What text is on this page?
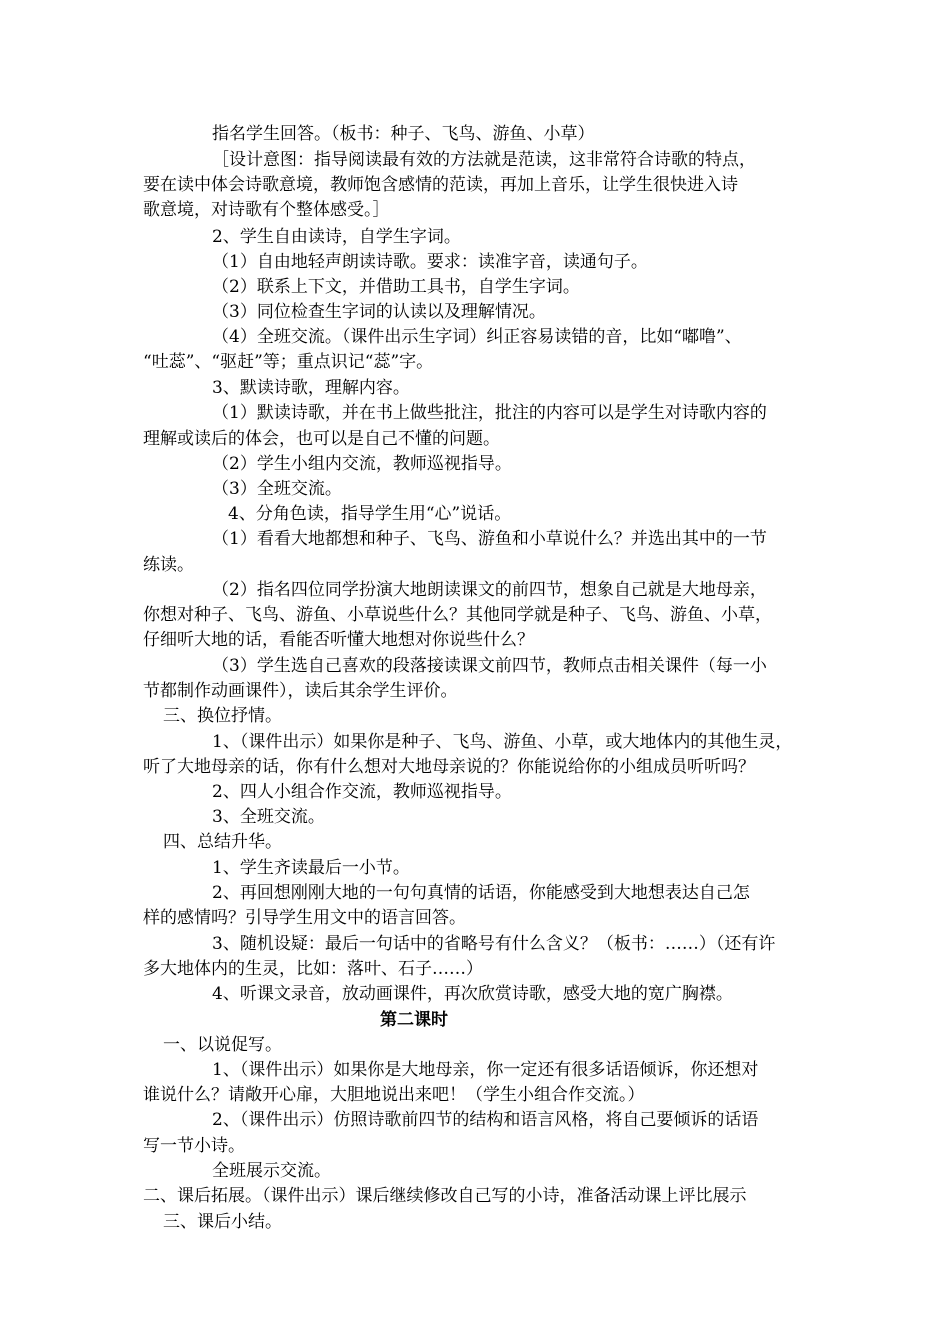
指名学生回答。（板书：种子、飞鸟、游鱼、小草）

［设计意图：指导阅读最有效的方法就是范读，这非常符合诗歌的特点，

要在读中体会诗歌意境，教师饱含感情的范读，再加上音乐，让学生很快进入诗

歌意境，对诗歌有个整体感受。］

2、学生自由读诗，自学生字词。

（1）自由地轻声朗读诗歌。要求：读准字音，读通句子。

（2）联系上下文，并借助工具书，自学生字词。

（3）同位检查生字词的认读以及理解情况。

（4）全班交流。（课件出示生字词）纠正容易读错的音，比如“嘟噜”、

“吐蕊”、“驱赶”等；重点识记“蕊”字。

3、默读诗歌，理解内容。

（1）默读诗歌，并在书上做些批注，批注的内容可以是学生对诗歌内容的

理解或读后的体会，也可以是自己不懂的问题。

（2）学生小组内交流，教师巡视指导。

（3）全班交流。

4、分角色读，指导学生用“心”说话。

（1）看看大地都想和种子、飞鸟、游鱼和小草说什么？并选出其中的一节

练读。

（2）指名四位同学扮演大地朗读课文的前四节，想象自己就是大地母亲，

你想对种子、飞鸟、游鱼、小草说些什么？其他同学就是种子、飞鸟、游鱼、小草，

仔细听大地的话，看能否听懂大地想对你说些什么？

（3）学生选自己喜欢的段落接读课文前四节，教师点击相关课件（每一小

节都制作动画课件），读后其余学生评价。

三、换位抒情。

1、（课件出示）如果你是种子、飞鸟、游鱼、小草，或大地体内的其他生灵，

听了大地母亲的话，你有什么想对大地母亲说的？你能说给你的小组成员听听吗？

2、四人小组合作交流，教师巡视指导。

3、全班交流。

四、总结升华。

1、学生齐读最后一小节。

2、再回想刚刚大地的一句句真情的话语，你能感受到大地想表达自己怎

样的感情吗？引导学生用文中的语言回答。

3、随机设疑：最后一句话中的省略号有什么含义？（板书：……）（还有许

多大地体内的生灵，比如：落叶、石子……）

4、听课文录音，放动画课件，再次欣赏诗歌，感受大地的宽广胸襟。

第二课时

一、以说促写。

1、（课件出示）如果你是大地母亲，你一定还有很多话语倾诉，你还想对

谁说什么？请敞开心扉，大胆地说出来吧！（学生小组合作交流。）

2、（课件出示）仿照诗歌前四节的结构和语言风格，将自己要倾诉的话语

写一节小诗。

全班展示交流。

二、课后拓展。（课件出示）课后继续修改自己写的小诗，准备活动课上评比展示

三、课后小结。
